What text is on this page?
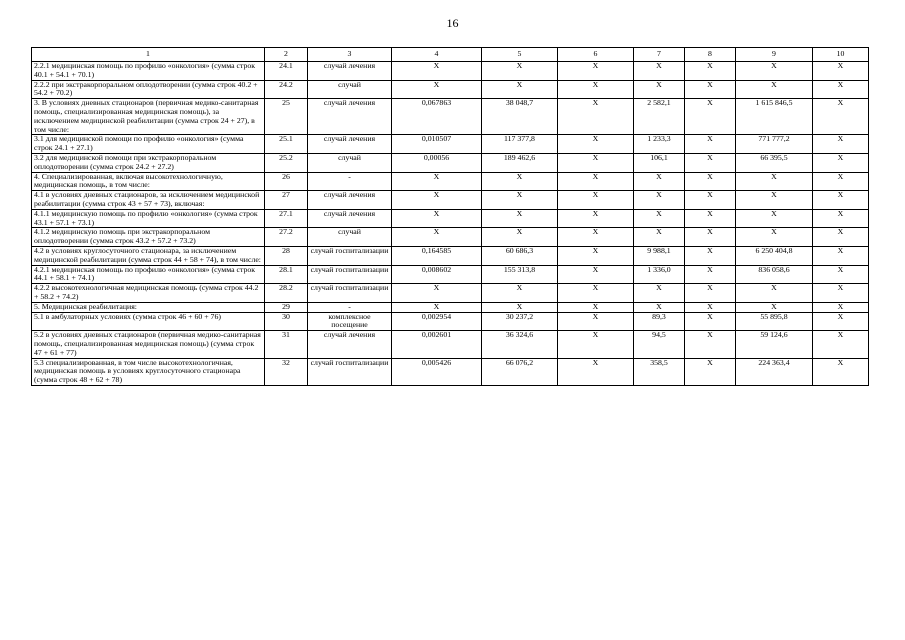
16
1	2	3	4	5	6	7	8	9	10
2.2.1 медицинская помощь по профилю «онкология» (сумма строк 40.1 + 54.1 + 70.1)	24.1	случай лечения	X	X	X	X	X	X	X
2.2.2 при экстракорпоральном оплодотворении (сумма строк 40.2 + 54.2 + 70.2)	24.2	случай	X	X	X	X	X	X	X
3. В условиях дневных стационаров (первичная медико-санитарная помощь, специализированная медицинская помощь), за исключением медицинской реабилитации (сумма строк 24 + 27), в том числе:	25	случай лечения	0,067863	38 048,7	X	2 582,1	X	1 615 846,5	X
3.1 для медицинской помощи по профилю «онкология» (сумма строк 24.1 + 27.1)	25.1	случай лечения	0,010507	117 377,8	X	1 233,3	X	771 777,2	X
3.2 для медицинской помощи при экстракорпоральном оплодотворении (сумма строк 24.2 + 27.2)	25.2	случай	0,00056	189 462,6	X	106,1	X	66 395,5	X
4. Специализированная, включая высокотехнологичную, медицинская помощь, в том числе:	26	-	X	X	X	X	X	X	X
4.1 в условиях дневных стационаров, за исключением медицинской реабилитации (сумма строк 43 + 57 + 73), включая:	27	случай лечения	X	X	X	X	X	X	X
4.1.1 медицинскую помощь по профилю «онкология» (сумма строк 43.1 + 57.1 + 73.1)	27.1	случай лечения	X	X	X	X	X	X	X
4.1.2 медицинскую помощь при экстракорпоральном оплодотворении (сумма строк 43.2 + 57.2 + 73.2)	27.2	случай	X	X	X	X	X	X	X
4.2 в условиях круглосуточного стационара, за исключением медицинской реабилитации (сумма строк 44 + 58 + 74), в том числе:	28	случай госпитализации	0,164585	60 686,3	X	9 988,1	X	6 250 404,8	X
4.2.1 медицинская помощь по профилю «онкология» (сумма строк 44.1 + 58.1 + 74.1)	28.1	случай госпитализации	0,008602	155 313,8	X	1 336,0	X	836 058,6	X
4.2.2 высокотехнологичная медицинская помощь (сумма строк 44.2 + 58.2 + 74.2)	28.2	случай госпитализации	X	X	X	X	X	X	X
5. Медицинская реабилитация:	29	-	X	X	X	X	X	X	X
5.1 в амбулаторных условиях (сумма строк 46 + 60 + 76)	30	комплексное посещение	0,002954	30 237,2	X	89,3	X	55 895,8	X
5.2 в условиях дневных стационаров (первичная медико-санитарная помощь, специализированная медицинская помощь) (сумма строк 47 + 61 + 77)	31	случай лечения	0,002601	36 324,6	X	94,5	X	59 124,6	X
5.3 специализированная, в том числе высокотехнологичная, медицинская помощь в условиях круглосуточного стационара (сумма строк 48 + 62 + 78)	32	случай госпитализации	0,005426	66 076,2	X	358,5	X	224 363,4	X
